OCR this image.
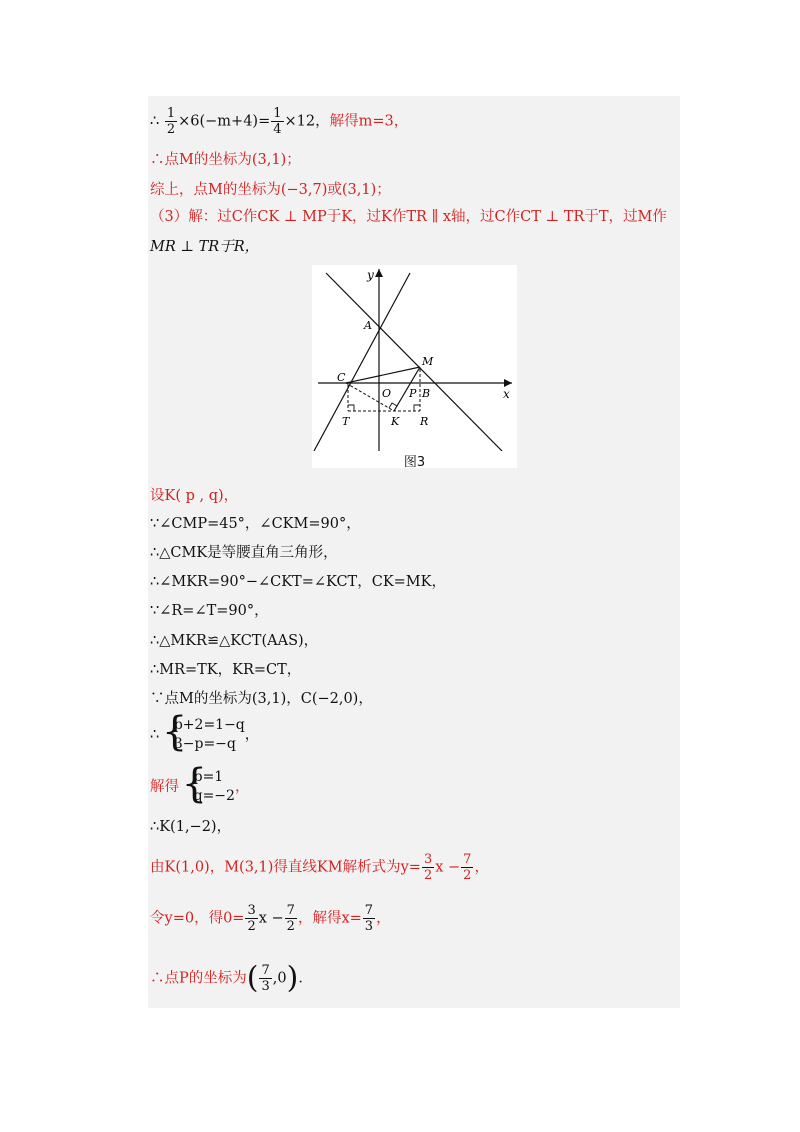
∴ $\frac{1}{2} \times 6(-m+4)= \frac{1}{4} \times 12$，解得m=3，
∴点M的坐标为(3,1)；
综上，点M的坐标为(−3,7)或(3,1)；
（3）解：过C作CK ⊥ MP于K，过K作TR ∥ x轴，过C作CT ⊥ TR于T，过M作
MR ⊥ TR于R，
y
x
A
M
C
O P B
T	K R
图3
设K( p , q)，
∵∠CMP=45°，∠CKM=90°，
∴△CMK是等腰直角三角形，
∴∠MKR=90°−∠CKT=∠KCT，CK=MK，
∵∠R=∠T=90°，
∴△MKR≌△KCT(AAS)，
∴MR=TK，KR=CT，
∵点M的坐标为(3,1)，C(−2,0)，
∴
{ p+2=1−q
3−p=−q
，
解得
{ p=1
q=−2
，
∴K(1,−2)，
由K(1,0)，M(3,1)得直线KM解析式为$y= \frac{3}{2}$ $x - \frac{7}{2}$ ，
令y=0，得$0= \frac{3}{2}$ $x - \frac{7}{2}$ ，解得$x= \frac{7}{3}$ ，
∴点P的坐标为( $\frac{7}{3} ,0$)．
